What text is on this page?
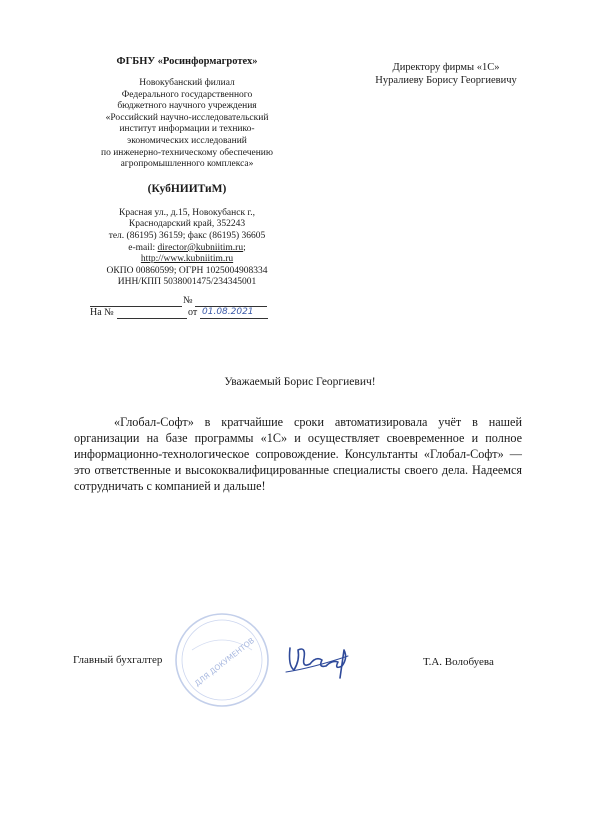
ФГБНУ «Росинформагротех»
Новокубанский филиал
Федерального государственного
бюджетного научного учреждения
«Российский научно-исследовательский
институт информации и технико-
экономических исследований
по инженерно-техническому обеспечению
агропромышленного комплекса»
(КубНИИТиМ)
Красная ул., д.15, Новокубанск г.,
Краснодарский край, 352243
тел. (86195) 36159; факс (86195) 36605
e-mail: director@kubniitim.ru;
http://www.kubniitim.ru
ОКПО 00860599; ОГРН 1025004908334
ИНН/КПП 5038001475/234345001
№
На №	от 01.08.2021
Директору фирмы «1С»
Нуралиеву Борису Георгиевичу
Уважаемый Борис Георгиевич!
«Глобал-Софт» в кратчайшие сроки автоматизировала учёт в нашей организации на базе программы «1С» и осуществляет своевременное и полное информационно-технологическое сопровождение. Консультанты «Глобал-Софт» — это ответственные и высококвалифицированные специалисты своего дела. Надеемся сотрудничать с компанией и дальше!
Главный бухгалтер	ДЛЯ ДОКУМЕНТОВ	Т.А. Волобуева
